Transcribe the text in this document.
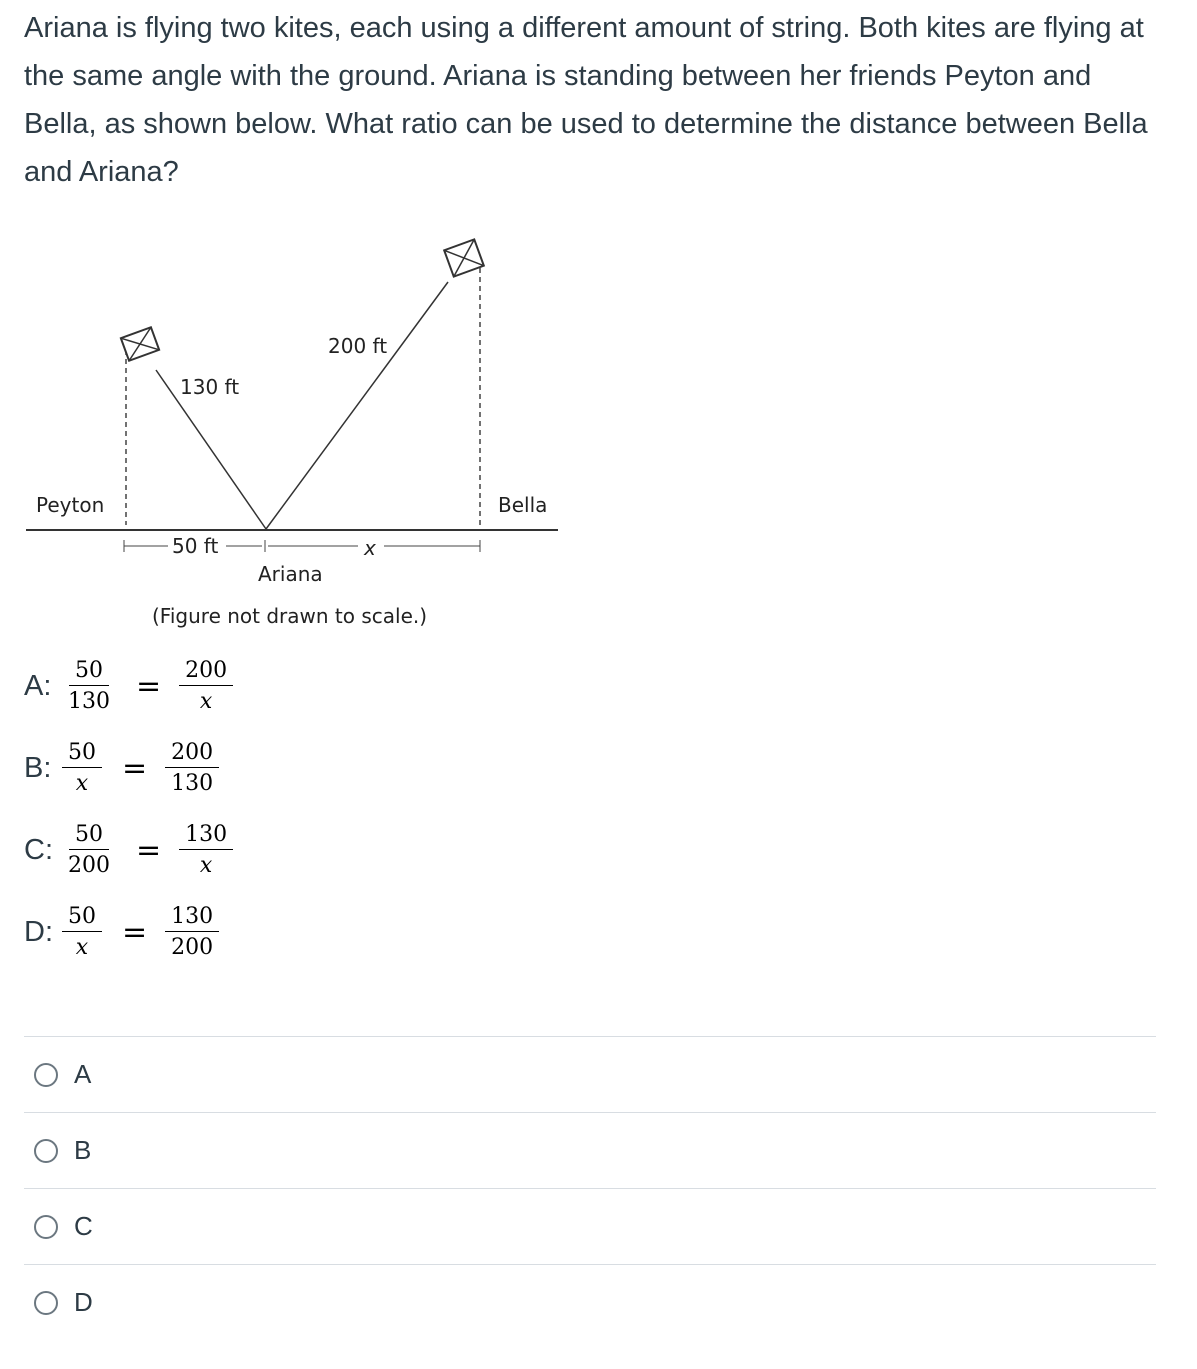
Ariana is flying two kites, each using a different amount of string. Both kites are flying at the same angle with the ground. Ariana is standing between her friends Peyton and Bella, as shown below. What ratio can be used to determine the distance between Bella and Ariana?
Peyton	Bella
130 ft
200 ft
50 ft	x
Ariana
(Figure not drawn to scale.)
A: $\frac{50}{130} = \frac{200}{x}$
B: $\frac{50}{x} = \frac{200}{130}$
C: $\frac{50}{200} = \frac{130}{x}$
D: $\frac{50}{x} = \frac{130}{200}$
A
B
C
D
